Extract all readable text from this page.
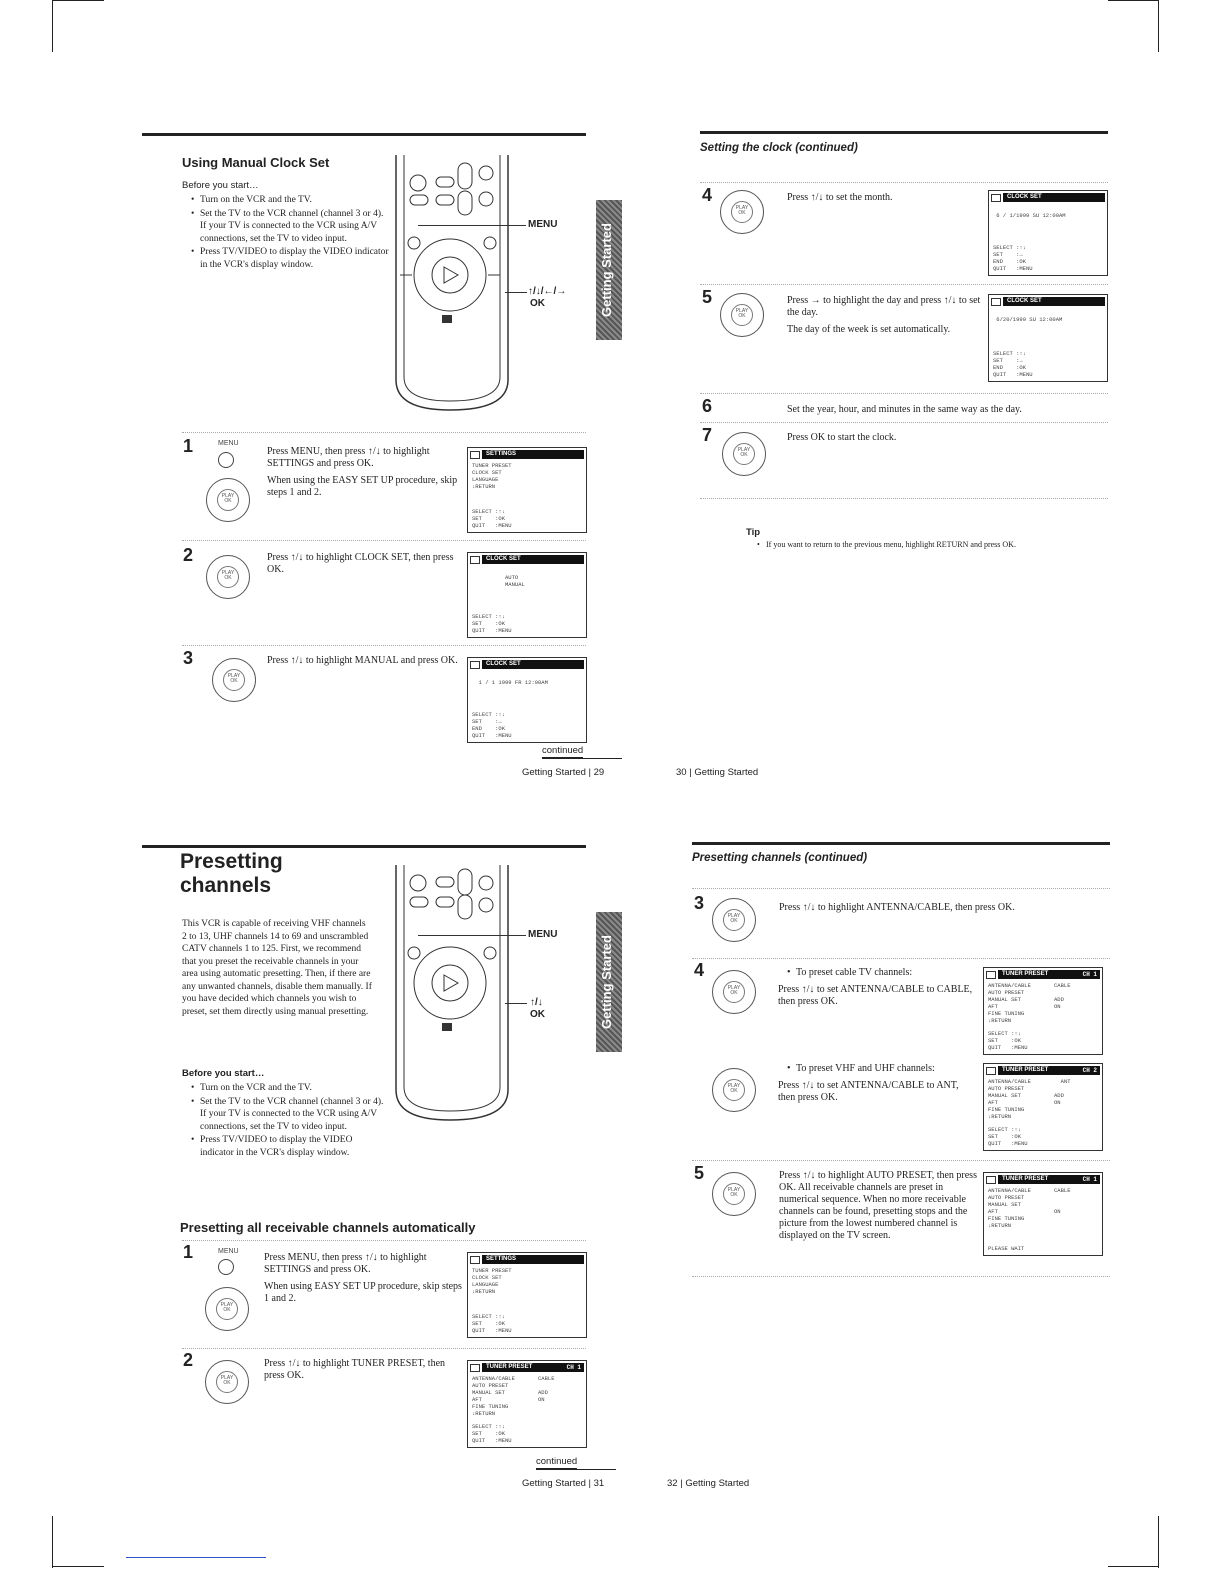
Using Manual Clock Set
Before you start…
• Turn on the VCR and the TV.
• Set the TV to the VCR channel (channel 3 or 4). If your TV is connected to the VCR using A/V connections, set the TV to video input.
• Press TV/VIDEO to display the VIDEO indicator in the VCR's display window.
MENU
↑/↓/←/→
OK	Getting Started
1	MENU
PLAY
OK

Press MENU, then press ↑/↓ to highlight SETTINGS and press OK.

When using the EASY SET UP procedure, skip steps 1 and 2.

SETTINGS
TUNER PRESET
CLOCK SET
LANGUAGE
↓RETURN
SELECT :↑↓
SET    :OK
QUIT   :MENU
2
PLAY
OK

Press ↑/↓ to highlight CLOCK SET, then press OK.

CLOCK SET

AUTO
MANUAL
SELECT :↑↓
SET    :OK
QUIT   :MENU
3
PLAY
OK

Press ↑/↓ to highlight MANUAL and press OK.	CLOCK SET

1 / 1 1999 FR 12:00AM
SELECT :↑↓
SET    :→
END    :OK
QUIT   :MENU
continued
Getting Started | 29
Setting the clock (continued)
4
PLAY
OK
Press ↑/↓ to set the month.	CLOCK SET

6 / 1/1999 SU 12:00AM
SELECT :↑↓
SET    :→
END    :OK
QUIT   :MENU
5
PLAY
OK

Press → to highlight the day and press ↑/↓ to set the day.

The day of the week is set automatically.

CLOCK SET

6/20/1999 SU 12:00AM
SELECT :↑↓
SET    :→
END    :OK
QUIT   :MENU
6	Set the year, hour, and minutes in the same way as the day.
7
PLAY
OK
Press OK to start the clock.
Tip
• If you want to return to the previous menu, highlight RETURN and press OK.
30 | Getting Started
Presetting
channels
This VCR is capable of receiving VHF channels 2 to 13, UHF channels 14 to 69 and unscrambled CATV channels 1 to 125. First, we recommend that you preset the receivable channels in your area using automatic presetting. Then, if there are any unwanted channels, disable them manually. If you have decided which channels you wish to preset, set them directly using manual presetting.
Before you start…
• Turn on the VCR and the TV.
• Set the TV to the VCR channel (channel 3 or 4). If your TV is connected to the VCR using A/V connections, set the TV to video input.
• Press TV/VIDEO to display the VIDEO indicator in the VCR's display window.
MENU
↑/↓
OK	Getting Started
Presetting all receivable channels automatically
1	MENU
PLAY
OK

Press MENU, then press ↑/↓ to highlight SETTINGS and press OK.

When using EASY SET UP procedure, skip steps 1 and 2.

SETTINGS
TUNER PRESET
CLOCK SET
LANGUAGE
↓RETURN
SELECT :↑↓
SET    :OK
QUIT   :MENU
2
PLAY
OK

Press ↑/↓ to highlight TUNER PRESET, then press OK.

TUNER PRESET	CH 1
ANTENNA/CABLE       CABLE
AUTO PRESET
MANUAL SET          ADD
AFT                 ON
FINE TUNING
↓RETURN
SELECT :↑↓
SET    :OK
QUIT   :MENU
continued
Getting Started | 31
Presetting channels (continued)
3
PLAY
OK
Press ↑/↓ to highlight ANTENNA/CABLE, then press OK.
4
PLAY
OK
• To preset cable TV channels:
Press ↑/↓ to set ANTENNA/CABLE to CABLE, then press OK.
TUNER PRESET	CH 1
ANTENNA/CABLE       CABLE
AUTO PRESET
MANUAL SET          ADD
AFT                 ON
FINE TUNING
↓RETURN
SELECT :↑↓
SET    :OK
QUIT   :MENU
PLAY
OK
• To preset VHF and UHF channels:
Press ↑/↓ to set ANTENNA/CABLE to ANT, then press OK.
TUNER PRESET	CH 2
ANTENNA/CABLE         ANT
AUTO PRESET
MANUAL SET          ADD
AFT                 ON
FINE TUNING
↓RETURN
SELECT :↑↓
SET    :OK
QUIT   :MENU
5
PLAY
OK
Press ↑/↓ to highlight AUTO PRESET, then press OK. All receivable channels are preset in numerical sequence. When no more receivable channels can be found, presetting stops and the picture from the lowest numbered channel is displayed on the TV screen.
TUNER PRESET	CH 1
ANTENNA/CABLE       CABLE
AUTO PRESET
MANUAL SET
AFT                 ON
FINE TUNING
↓RETURN
PLEASE WAIT
32 | Getting Started
